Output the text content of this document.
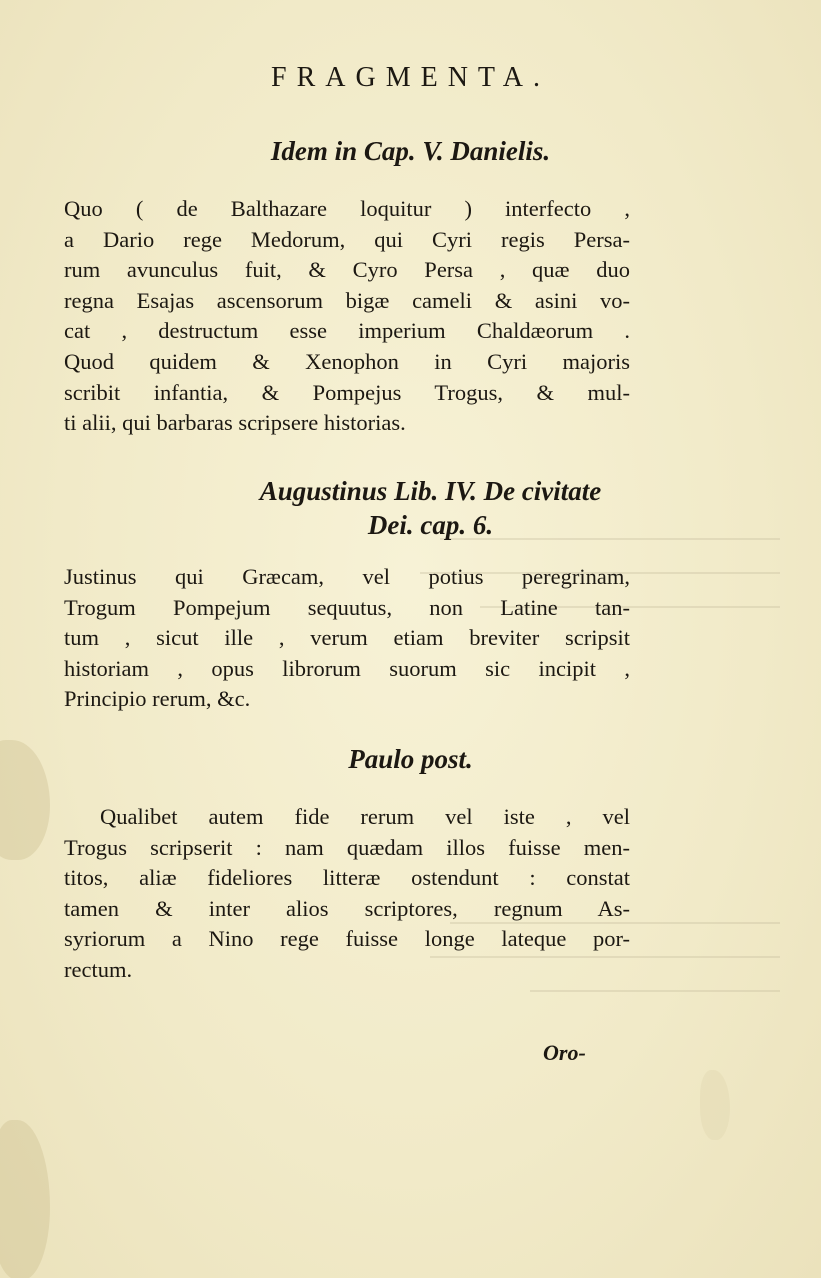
FRAGMENTA.
Idem in Cap. V. Danielis.
Quo ( de Balthazare loquitur ) interfecto ,
a Dario rege Medorum, qui Cyri regis Persa-
rum avunculus fuit, & Cyro Persa , quæ duo
regna Esajas ascensorum bigæ cameli & asini vo-
cat , destructum esse imperium Chaldæorum .
Quod quidem & Xenophon in Cyri majoris
scribit infantia, & Pompejus Trogus, & mul-
ti alii, qui barbaras scripsere historias.
Augustinus Lib. IV. De civitate
Dei. cap. 6.
Justinus qui Græcam, vel potius peregrinam,
Trogum Pompejum sequutus, non Latine tan-
tum , sicut ille , verum etiam breviter scripsit
historiam , opus librorum suorum sic incipit ,
Principio rerum, &c.
Paulo post.
Qualibet autem fide rerum vel iste , vel
Trogus scripserit : nam quædam illos fuisse men-
titos, aliæ fideliores litteræ ostendunt : constat
tamen & inter alios scriptores, regnum As-
syriorum a Nino rege fuisse longe lateque por-
rectum.
Oro-
